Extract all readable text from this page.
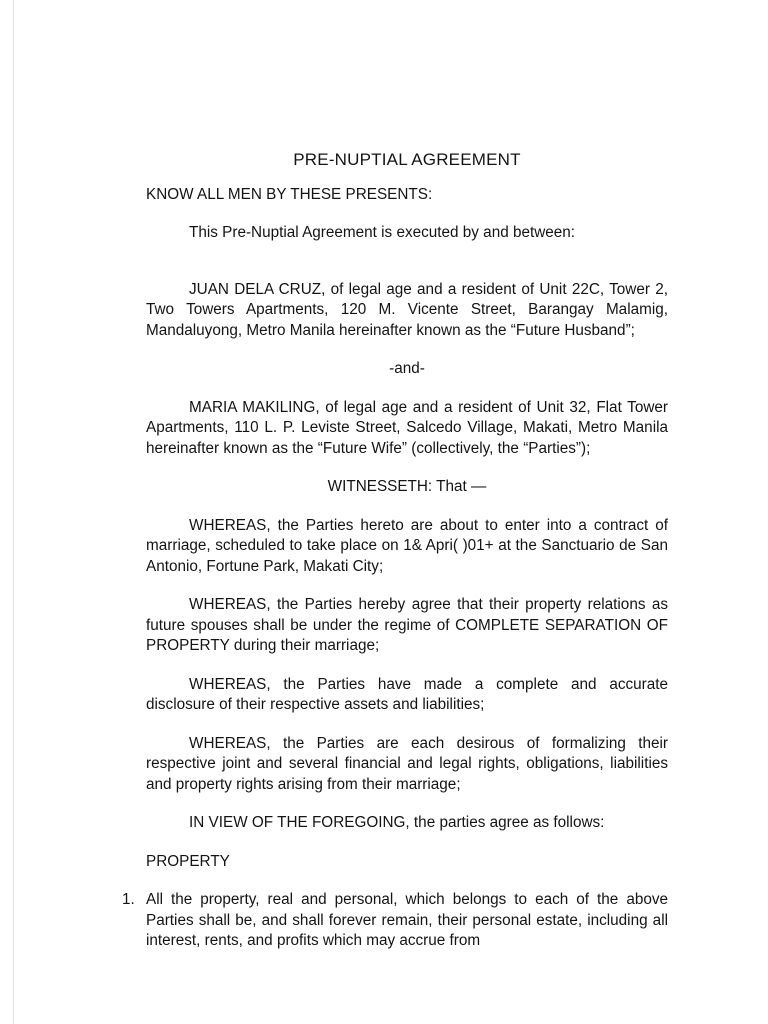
PRE-NUPTIAL AGREEMENT
KNOW ALL MEN BY THESE PRESENTS:
This Pre-Nuptial Agreement is executed by and between:
JUAN DELA CRUZ, of legal age and a resident of Unit 22C, Tower 2, Two Towers Apartments, 120 M. Vicente Street, Barangay Malamig, Mandaluyong, Metro Manila hereinafter known as the “Future Husband”;
-and-
MARIA MAKILING, of legal age and a resident of Unit 32, Flat Tower Apartments, 110 L. P. Leviste Street, Salcedo Village, Makati, Metro Manila hereinafter known as the “Future Wife” (collectively, the “Parties”);
WITNESSETH: That —
WHEREAS, the Parties hereto are about to enter into a contract of marriage, scheduled to take place on 1& Apri( )01+ at the Sanctuario de San Antonio, Fortune Park, Makati City;
WHEREAS, the Parties hereby agree that their property relations as future spouses shall be under the regime of COMPLETE SEPARATION OF PROPERTY during their marriage;
WHEREAS, the Parties have made a complete and accurate disclosure of their respective assets and liabilities;
WHEREAS, the Parties are each desirous of formalizing their respective joint and several financial and legal rights, obligations, liabilities and property rights arising from their marriage;
IN VIEW OF THE FOREGOING, the parties agree as follows:
PROPERTY
1. All the property, real and personal, which belongs to each of the above Parties shall be, and shall forever remain, their personal estate, including all interest, rents, and profits which may accrue from
